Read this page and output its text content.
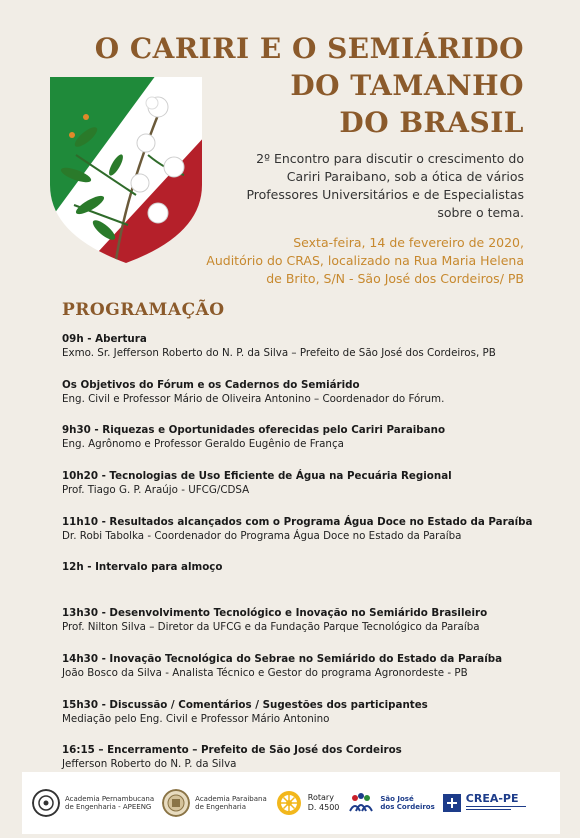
O CARIRI E O SEMIÁRIDO
DO TAMANHO
DO BRASIL
2º Encontro para discutir o crescimento do Cariri Paraibano, sob a ótica de vários Professores Universitários e de Especialistas sobre o tema.
Sexta-feira, 14 de fevereiro de 2020,
Auditório do CRAS, localizado na Rua Maria Helena de Brito, S/N - São José dos Cordeiros/ PB
PROGRAMAÇÃO
09h - Abertura
Exmo. Sr. Jefferson Roberto do N. P. da Silva – Prefeito de São José dos Cordeiros, PB
Os Objetivos do Fórum e os Cadernos do Semiárido
Eng. Civil e Professor Mário de Oliveira Antonino – Coordenador do Fórum.
9h30 - Riquezas e Oportunidades oferecidas pelo Cariri Paraibano
Eng. Agrônomo e Professor Geraldo Eugênio de França
10h20 - Tecnologias de Uso Eficiente de Água na Pecuária Regional
Prof. Tiago G. P. Araújo - UFCG/CDSA
11h10 - Resultados alcançados com o Programa Água Doce no Estado da Paraíba
Dr. Robi Tabolka - Coordenador do Programa Água Doce no Estado da Paraíba
12h - Intervalo para almoço
13h30 - Desenvolvimento Tecnológico e Inovação no Semiárido Brasileiro
Prof. Nilton Silva – Diretor da UFCG e da Fundação Parque Tecnológico da Paraíba
14h30 - Inovação Tecnológica do Sebrae no Semiárido do Estado da Paraíba
João Bosco da Silva - Analista Técnico e Gestor do programa Agronordeste - PB
15h30 - Discussão / Comentários / Sugestões dos participantes
Mediação pelo Eng. Civil e Professor Mário Antonino
16:15 – Encerramento – Prefeito de São José dos Cordeiros
Jefferson Roberto do N. P. da Silva
Academia Pernambucana
de Engenharia - APEENG
Academia Paraibana
de Engenharia
Rotary
D. 4500
São José
dos Cordeiros
CREA-PE
